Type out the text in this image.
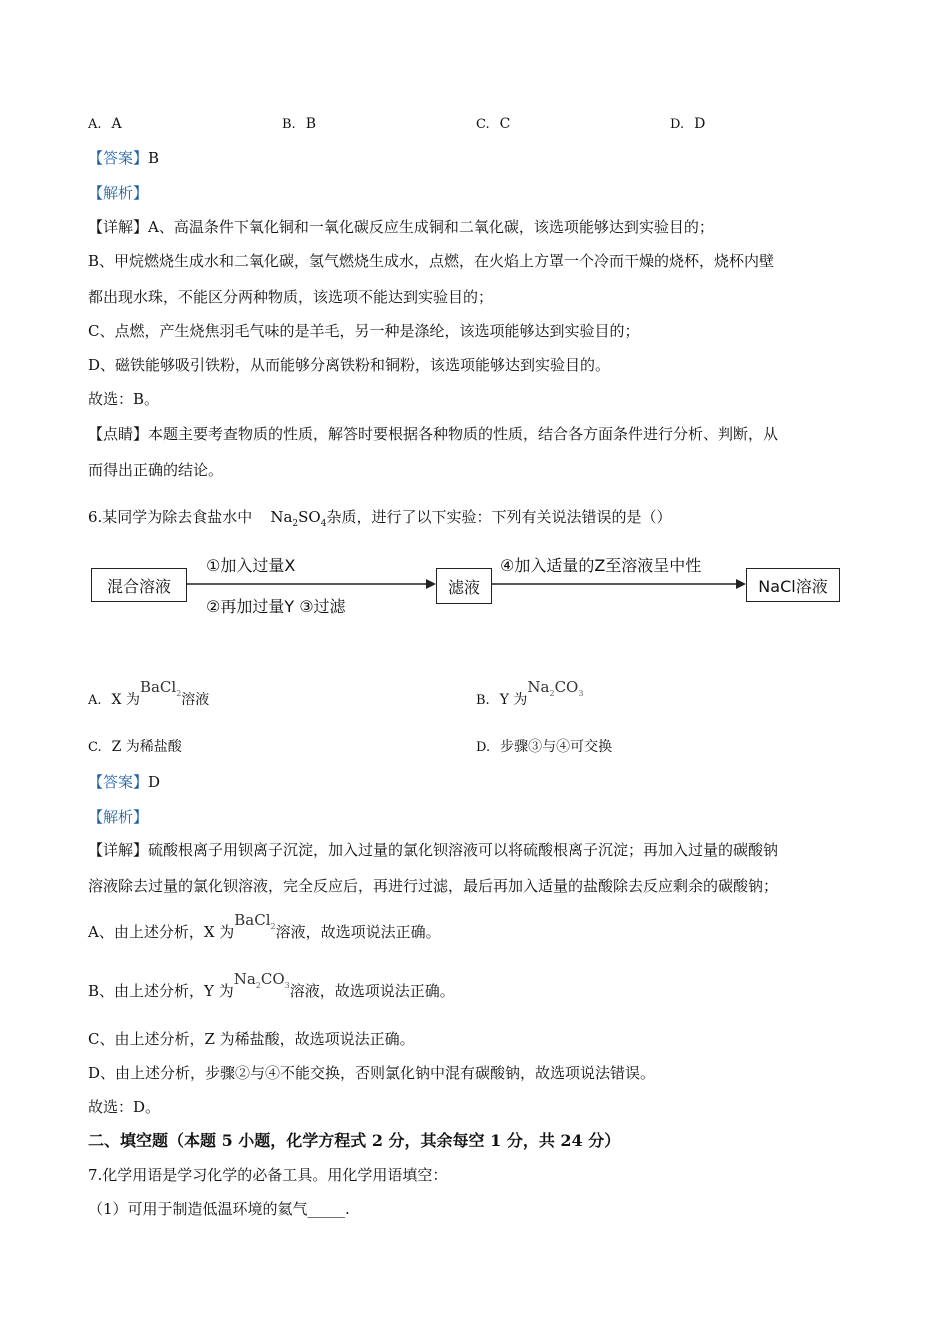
A. A	B. B	C. C	D. D
【答案】B
【解析】
【详解】A、高温条件下氧化铜和一氧化碳反应生成铜和二氧化碳，该选项能够达到实验目的；
B、甲烷燃烧生成水和二氧化碳，氢气燃烧生成水，点燃，在火焰上方罩一个冷而干燥的烧杯，烧杯内壁
都出现水珠，不能区分两种物质，该选项不能达到实验目的；
C、点燃，产生烧焦羽毛气味的是羊毛，另一种是涤纶，该选项能够达到实验目的；
D、磁铁能够吸引铁粉，从而能够分离铁粉和铜粉，该选项能够达到实验目的。
故选：B。
【点睛】本题主要考查物质的性质，解答时要根据各种物质的性质，结合各方面条件进行分析、判断，从
而得出正确的结论。
6.某同学为除去食盐水中 $Na_2SO_4$杂质，进行了以下实验：下列有关说法错误的是（）
混合溶液	滤液	NaCl溶液
①加入过量X
②再加过量Y ③过滤
④加入适量的Z至溶液呈中性
A. X 为BaCl$_2$溶液	B. Y 为$Na_2CO_3$
C. Z 为稀盐酸	D. 步骤③与④可交换
【答案】D
【解析】
【详解】硫酸根离子用钡离子沉淀，加入过量的氯化钡溶液可以将硫酸根离子沉淀；再加入过量的碳酸钠
溶液除去过量的氯化钡溶液，完全反应后，再进行过滤，最后再加入适量的盐酸除去反应剩余的碳酸钠；
A、由上述分析，X 为BaCl$_2$溶液，故选项说法正确。
B、由上述分析，Y 为$Na_2CO_3$溶液，故选项说法正确。
C、由上述分析，Z 为稀盐酸，故选项说法正确。
D、由上述分析，步骤②与④不能交换，否则氯化钠中混有碳酸钠，故选项说法错误。
故选：D。
二、填空题（本题 5 小题，化学方程式 2 分，其余每空 1 分，共 24 分）
7.化学用语是学习化学的必备工具。用化学用语填空：
（1）可用于制造低温环境的氦气_____.
